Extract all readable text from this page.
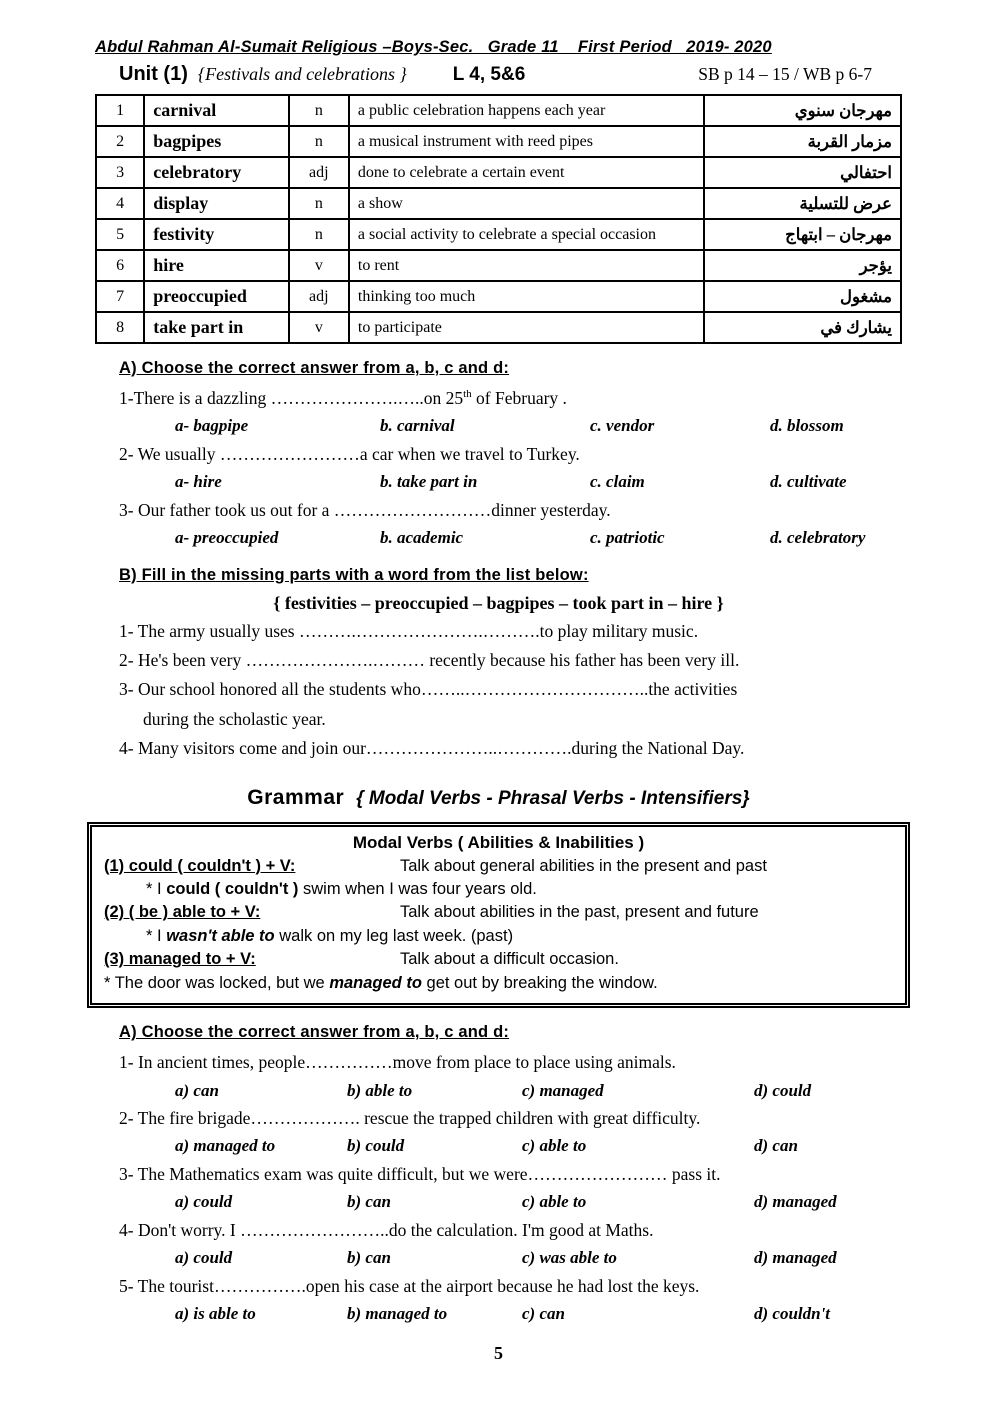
Abdul Rahman Al-Sumait Religious –Boys-Sec.   Grade 11    First Period   2019- 2020
Unit (1) {Festivals and celebrations } L 4, 5&6	SB p 14 – 15 / WB p 6-7
1	carnival	n	a public celebration happens each year	مهرجان سنوي
2	bagpipes	n	a musical instrument with reed pipes	مزمار القربة
3	celebratory	adj	done to celebrate a certain event	احتفالي
4	display	n	a show	عرض للتسلية
5	festivity	n	a social activity to celebrate a special occasion	مهرجان – ابتهاج
6	hire	v	to rent	يؤجر
7	preoccupied	adj	thinking too much	مشغول
8	take part in	v	to participate	يشارك في
A) Choose the correct answer from a, b, c and d:
1-There is a dazzling ………………….…..on 25th of February .
a- bagpipe	b. carnival	c. vendor	d. blossom
2- We usually ……………………a car when we travel to Turkey.
a- hire	b. take part in	c. claim	d. cultivate
3- Our father took us out for a ………………………dinner yesterday.
a- preoccupied	b. academic	c. patriotic	d. celebratory
B) Fill in the missing parts with a word from the list below:
{ festivities – preoccupied – bagpipes – took part in – hire }
1- The army usually uses ……….………………….……….to play military music.
2- He's been very ………………….……… recently because his father has been very ill.
3- Our school honored all the students who……..…………………………..the activities
during the scholastic year.
4- Many visitors come and join our…………………..………….during the National Day.
Grammar { Modal Verbs - Phrasal Verbs - Intensifiers}
Modal Verbs ( Abilities & Inabilities )
(1) could ( couldn't ) + V:	Talk about general abilities in the present and past
* I could ( couldn't ) swim when I was four years old.
(2) ( be ) able to + V:	Talk about abilities in the past, present and future
* I wasn't able to walk on my leg last week. (past)
(3) managed to + V:	Talk about a difficult occasion.
* The door was locked, but we managed to get out by breaking the window.
A) Choose the correct answer from a, b, c and d:
1- In ancient times, people……………move from place to place using animals.
a) can	b) able to	c) managed	d) could
2- The fire brigade………………. rescue the trapped children with great difficulty.
a) managed to	b) could	c) able to	d) can
3- The Mathematics exam was quite difficult, but we were…………………… pass it.
a) could	b) can	c) able to	d) managed
4- Don't worry. I ……………………..do the calculation. I'm good at Maths.
a) could	b) can	c) was able to	d) managed
5- The tourist…………….open his case at the airport because he had lost the keys.
a) is able to	b) managed to	c) can	d) couldn't
5
